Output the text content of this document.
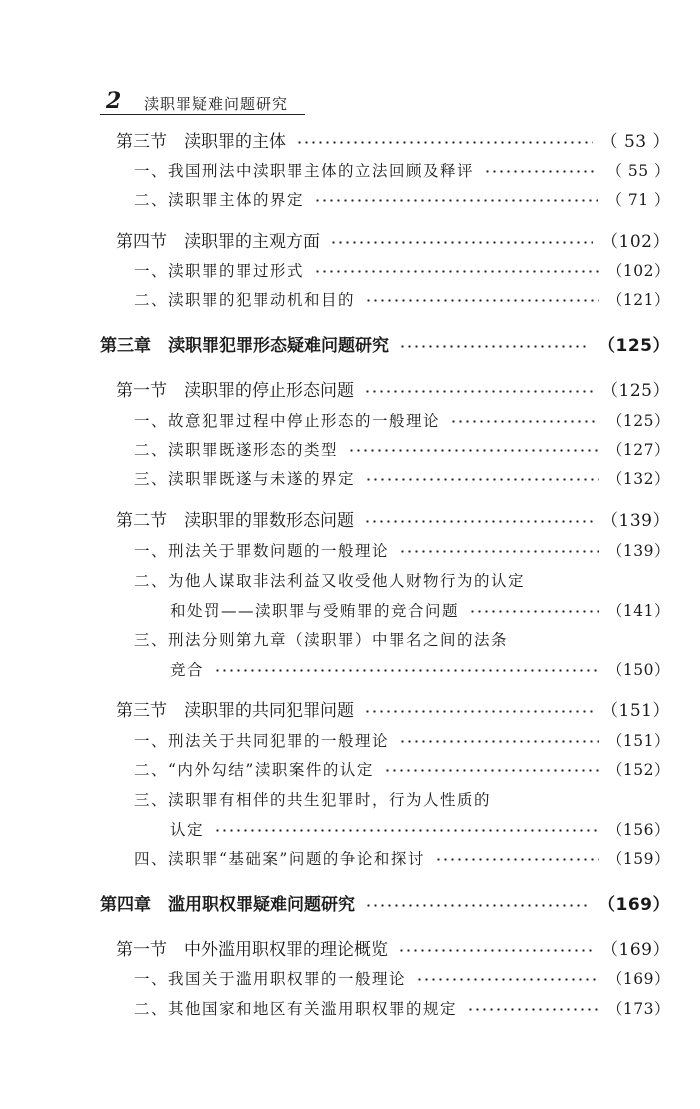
2 渎职罪疑难问题研究
第三节　渎职罪的主体	（ 53 ）
一、我国刑法中渎职罪主体的立法回顾及释评	（ 55 ）
二、渎职罪主体的界定	（ 71 ）
第四节　渎职罪的主观方面	（102）
一、渎职罪的罪过形式	（102）
二、渎职罪的犯罪动机和目的	（121）
第三章　渎职罪犯罪形态疑难问题研究	（125）
第一节　渎职罪的停止形态问题	（125）
一、故意犯罪过程中停止形态的一般理论	（125）
二、渎职罪既遂形态的类型	（127）
三、渎职罪既遂与未遂的界定	（132）
第二节　渎职罪的罪数形态问题	（139）
一、刑法关于罪数问题的一般理论	（139）
二、为他人谋取非法利益又收受他人财物行为的认定
和处罚——渎职罪与受贿罪的竞合问题	（141）
三、刑法分则第九章（渎职罪）中罪名之间的法条
竞合	（150）
第三节　渎职罪的共同犯罪问题	（151）
一、刑法关于共同犯罪的一般理论	（151）
二、“内外勾结”渎职案件的认定	（152）
三、渎职罪有相伴的共生犯罪时，行为人性质的
认定	（156）
四、渎职罪“基础案”问题的争论和探讨	（159）
第四章　滥用职权罪疑难问题研究	（169）
第一节　中外滥用职权罪的理论概览	（169）
一、我国关于滥用职权罪的一般理论	（169）
二、其他国家和地区有关滥用职权罪的规定	（173）
